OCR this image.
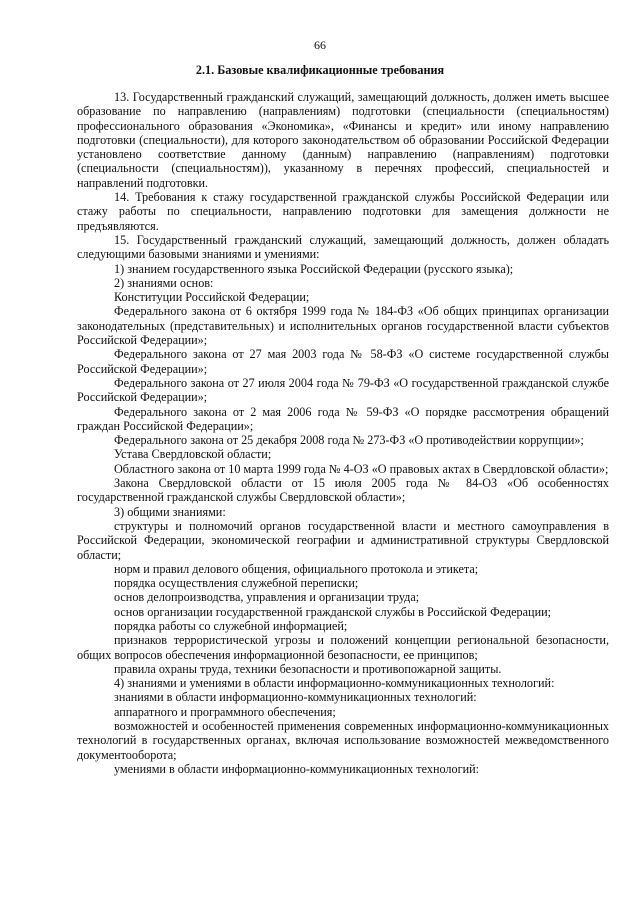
66
2.1. Базовые квалификационные требования

13. Государственный гражданский служащий, замещающий должность, должен иметь высшее образование по направлению (направлениям) подготовки (специальности (специальностям) профессионального образования «Экономика», «Финансы и кредит» или иному направлению подготовки (специальности), для которого законодательством об образовании Российской Федерации установлено соответствие данному (данным) направлению (направлениям) подготовки (специальности (специальностям)), указанному в перечнях профессий, специальностей и направлений подготовки.

14. Требования к стажу государственной гражданской службы Российской Федерации или стажу работы по специальности, направлению подготовки для замещения должности не предъявляются.

15. Государственный гражданский служащий, замещающий должность, должен обладать следующими базовыми знаниями и умениями:

1) знанием государственного языка Российской Федерации (русского языка);

2) знаниями основ:

Конституции Российской Федерации;

Федерального закона от 6 октября 1999 года № 184-ФЗ «Об общих принципах организации законодательных (представительных) и исполнительных органов государственной власти субъектов Российской Федерации»;

Федерального закона от 27 мая 2003 года № 58-ФЗ «О системе государственной службы Российской Федерации»;

Федерального закона от 27 июля 2004 года № 79-ФЗ «О государственной гражданской службе Российской Федерации»;

Федерального закона от 2 мая 2006 года № 59-ФЗ «О порядке рассмотрения обращений граждан Российской Федерации»;

Федерального закона от 25 декабря 2008 года № 273-ФЗ «О противодействии коррупции»;

Устава Свердловской области;

Областного закона от 10 марта 1999 года № 4-ОЗ «О правовых актах в Свердловской области»;

Закона Свердловской области от 15 июля 2005 года № 84-ОЗ «Об особенностях государственной гражданской службы Свердловской области»;

3) общими знаниями:

структуры и полномочий органов государственной власти и местного самоуправления в Российской Федерации, экономической географии и административной структуры Свердловской области;

норм и правил делового общения, официального протокола и этикета;

порядка осуществления служебной переписки;

основ делопроизводства, управления и организации труда;

основ организации государственной гражданской службы в Российской Федерации;

порядка работы со служебной информацией;

признаков террористической угрозы и положений концепции региональной безопасности, общих вопросов обеспечения информационной безопасности, ее принципов;

правила охраны труда, техники безопасности и противопожарной защиты.

4) знаниями и умениями в области информационно-коммуникационных технологий:

знаниями в области информационно-коммуникационных технологий:

аппаратного и программного обеспечения;

возможностей и особенностей применения современных информационно-коммуникационных технологий в государственных органах, включая использование возможностей межведомственного документооборота;

умениями в области информационно-коммуникационных технологий:
